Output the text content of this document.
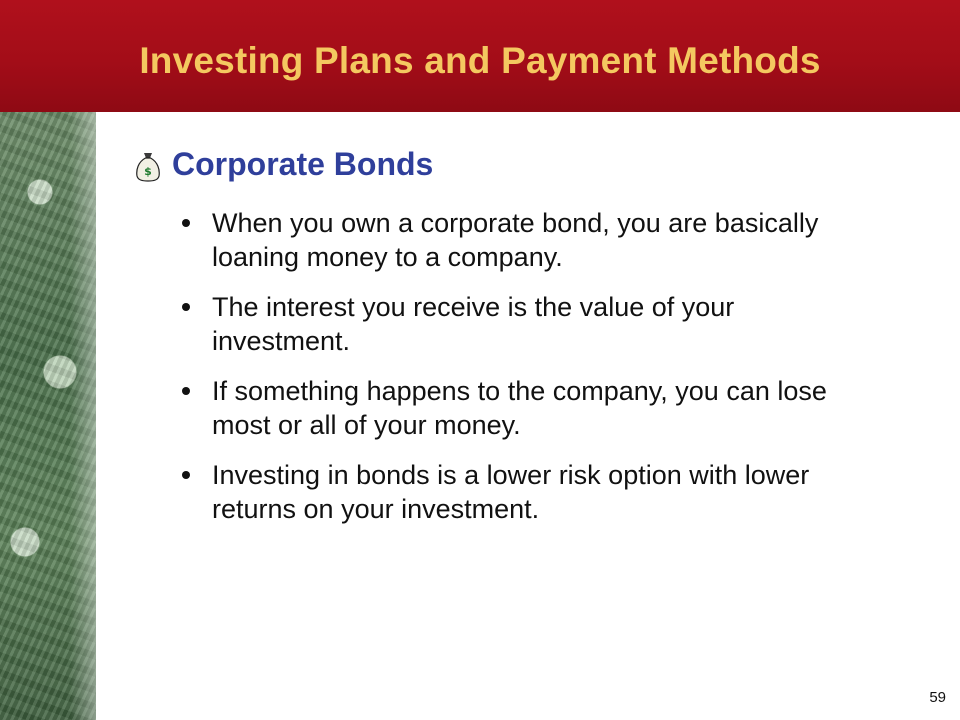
Investing Plans and Payment Methods
$ Corporate Bonds
When you own a corporate bond, you are basically loaning money to a company.
The interest you receive is the value of your investment.
If something happens to the company, you can lose most or all of your money.
Investing in bonds is a lower risk option with lower returns on your investment.
59
